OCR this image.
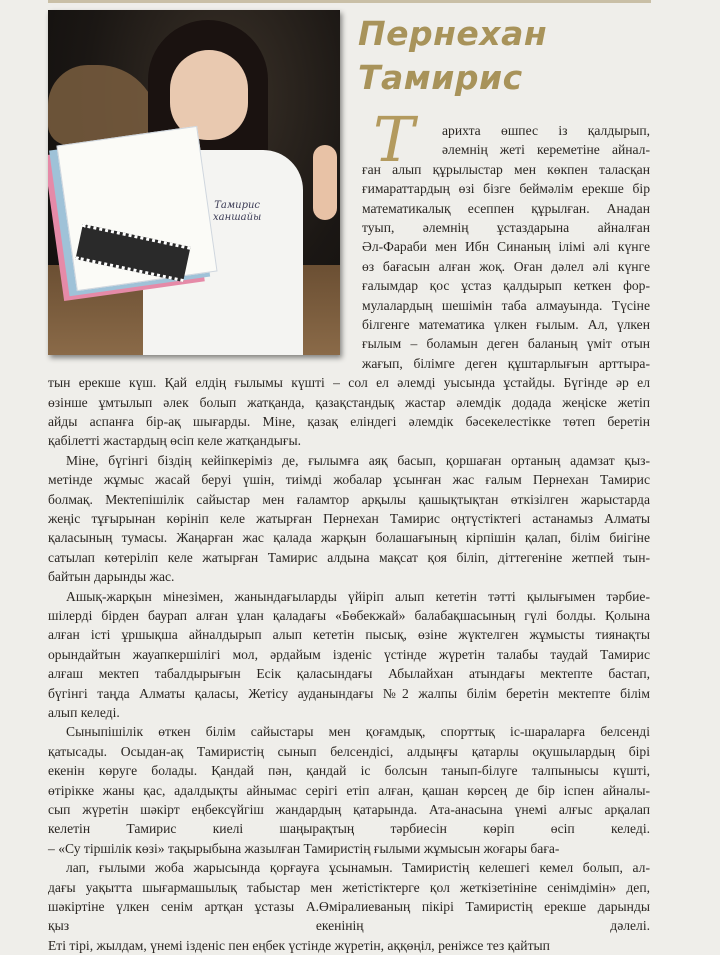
Тамирис
ханшайы
Пернехан
Тамирис
Т	арихта өшпес із қалдырып,
әлемнің жеті кереметіне айнал-
ған алып құрылыстар мен көкпен таласқан
ғимараттардың өзі бізге беймәлім ерекше бір
математикалық есеппен құрылған. Анадан
туып, әлемнің ұстаздарына айналған
Әл-Фараби мен Ибн Синаның ілімі әлі күнге
өз бағасын алған жоқ. Оған дәлел әлі күнге
ғалымдар қос ұстаз қалдырып кеткен фор-
мулалардың шешімін таба алмауында. Түсіне
білгенге математика үлкен ғылым. Ал, үлкен
ғылым – боламын деген баланың үміт отын
жағып, білімге деген құштарлығын арттыра-
тын ерекше күш. Қай елдің ғылымы күшті – сол ел әлемді уысында ұстайды. Бүгінде әр ел
өзінше ұмтылып әлек болып жатқанда, қазақстандық жастар әлемдік додада жеңіске жетіп
айды аспанға бір-ақ шығарды. Міне, қазақ еліндегі әлемдік бәсекелестікке төтеп беретін
қабілетті жастардың өсіп келе жатқандығы.
Міне, бүгінгі біздің кейіпкеріміз де, ғылымға аяқ басып, қоршаған ортаның адамзат қыз-
метінде жұмыс жасай беруі үшін, тиімді жобалар ұсынған жас ғалым Пернехан Тамирис
болмақ. Мектепішілік сайыстар мен ғаламтор арқылы қашықтықтан өткізілген жарыстарда
жеңіс тұғырынан көрініп келе жатырған Пернехан Тамирис оңтүстіктегі астанамыз Алматы
қаласының тумасы. Жаңарған жас қалада жарқын болашағының кірпішін қалап, білім биігіне
сатылап көтеріліп келе жатырған Тамирис алдына мақсат қоя біліп, діттегеніне жетпей тын-
байтын дарынды жас.
Ашық-жарқын мінезімен, жанындағыларды үйіріп алып кететін тәтті қылығымен тәрбие-
шілерді бірден баурап алған ұлан қаладағы «Бөбекжай» балабақшасының гүлі болды. Қолына
алған істі ұршықша айналдырып алып кететін пысық, өзіне жүктелген жұмысты тиянақты
орындайтын жауапкершілігі мол, әрдайым ізденіс үстінде жүретін талабы таудай Тамирис
алғаш мектеп табалдырығын Есік қаласындағы Абылайхан атындағы мектепте бастап,
бүгінгі таңда Алматы қаласы, Жетісу ауданындағы №2 жалпы білім беретін мектепте білім
алып келеді.
Сыныпішілік өткен білім сайыстары мен қоғамдық, спорттық іс-шараларға белсенді
қатысады. Осыдан-ақ Тамиристің сынып белсендісі, алдыңғы қатарлы оқушылардың бірі
екенін көруге болады. Қандай пән, қандай іс болсын танып-білуге талпынысы күшті,
өтірікке жаны қас, адалдықты айнымас серігі етіп алған, қашан көрсең де бір іспен айналы-
сып жүретін шәкірт еңбексүйгіш жандардың қатарында. Ата-анасына үнемі алғыс арқалап
келетін Тамирис киелі шаңырақтың тәрбиесін көріп өсіп келеді.
– «Су тіршілік көзі» тақырыбына жазылған Тамиристің ғылыми жұмысын жоғары баға-
лап, ғылыми жоба жарысында қорғауға ұсынамын. Тамиристің келешегі кемел болып, ал-
дағы уақытта шығармашылық табыстар мен жетістіктерге қол жеткізетініне сенімдімін» деп,
шәкіртіне үлкен сенім артқан ұстазы А.Өміралиеваның пікірі Тамиристің ерекше дарынды
қыз екенінің дәлелі.
Еті тірі, жылдам, үнемі ізденіс пен еңбек үстінде жүретін, аққөңіл, реніжсе тез қайтып
